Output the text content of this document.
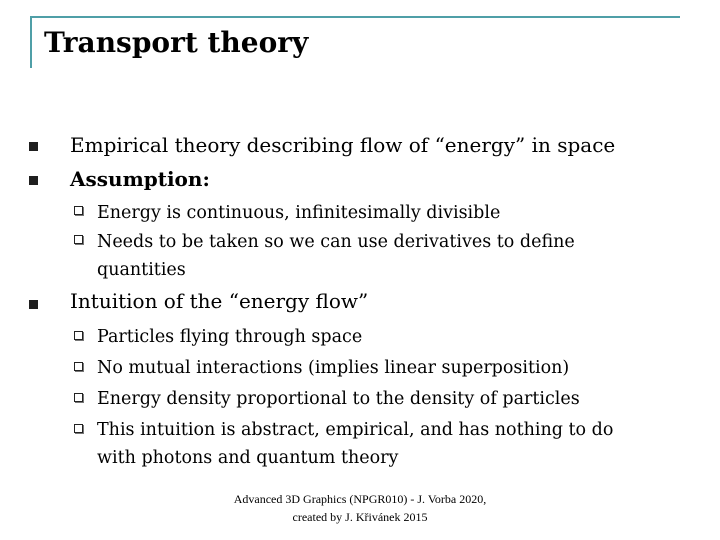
Transport theory
Empirical theory describing flow of “energy” in space
Assumption:
Energy is continuous, infinitesimally divisible
Needs to be taken so we can use derivatives to define
quantities
Intuition of the “energy flow”
Particles flying through space
No mutual interactions (implies linear superposition)
Energy density proportional to the density of particles
This intuition is abstract, empirical, and has nothing to do
with photons and quantum theory
Advanced 3D Graphics (NPGR010) - J. Vorba 2020,
created by J. Křivánek 2015
